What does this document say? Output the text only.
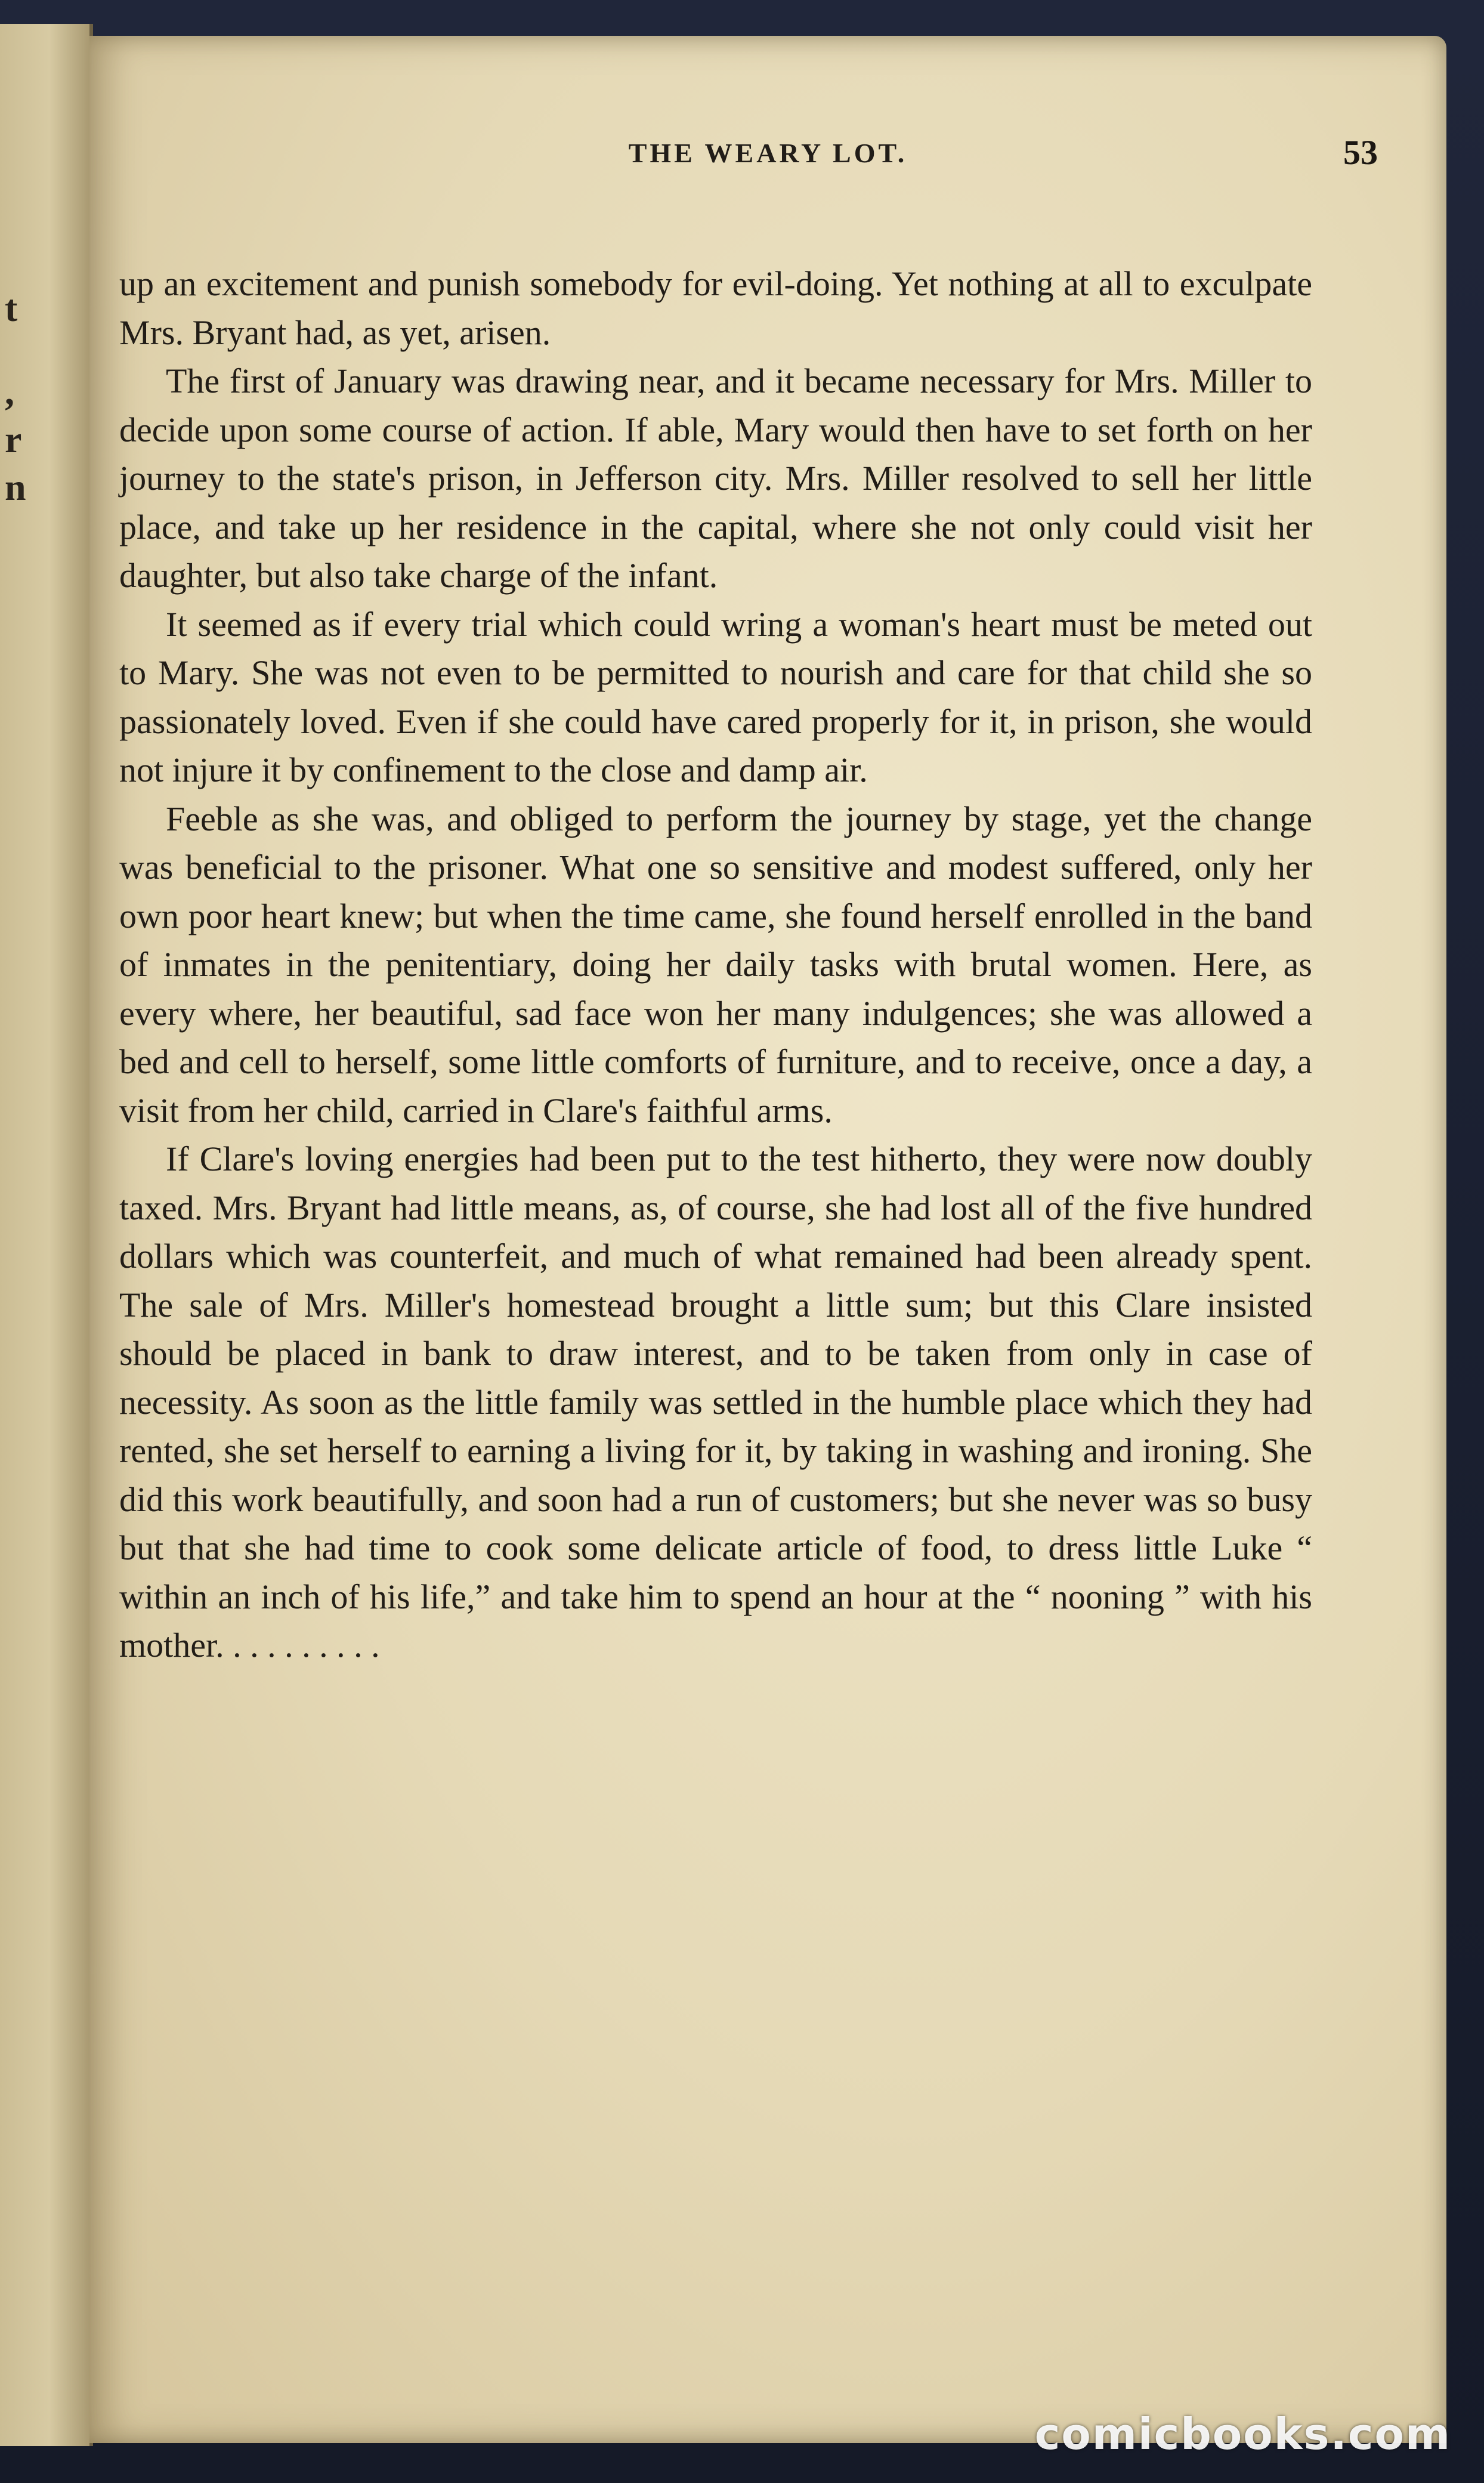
t
,
r
n
THE WEARY LOT.	53

up an excitement and punish somebody for evil-doing. Yet nothing at all to exculpate Mrs. Bryant had, as yet, arisen.

The first of January was drawing near, and it became necessary for Mrs. Miller to decide upon some course of action. If able, Mary would then have to set forth on her journey to the state's prison, in Jefferson city. Mrs. Miller resolved to sell her little place, and take up her residence in the capital, where she not only could visit her daughter, but also take charge of the infant.

It seemed as if every trial which could wring a woman's heart must be meted out to Mary. She was not even to be permitted to nourish and care for that child she so passionately loved. Even if she could have cared properly for it, in prison, she would not injure it by confinement to the close and damp air.

Feeble as she was, and obliged to perform the journey by stage, yet the change was beneficial to the prisoner. What one so sensitive and modest suffered, only her own poor heart knew; but when the time came, she found herself enrolled in the band of inmates in the penitentiary, doing her daily tasks with brutal women. Here, as every where, her beautiful, sad face won her many indulgences; she was allowed a bed and cell to herself, some little comforts of furniture, and to receive, once a day, a visit from her child, carried in Clare's faithful arms.

If Clare's loving energies had been put to the test hitherto, they were now doubly taxed. Mrs. Bryant had little means, as, of course, she had lost all of the five hundred dollars which was counterfeit, and much of what remained had been already spent. The sale of Mrs. Miller's homestead brought a little sum; but this Clare insisted should be placed in bank to draw interest, and to be taken from only in case of necessity. As soon as the little family was settled in the humble place which they had rented, she set herself to earning a living for it, by taking in washing and ironing. She did this work beautifully, and soon had a run of customers; but she never was so busy but that she had time to cook some delicate article of food, to dress little Luke “ within an inch of his life,” and take him to spend an hour at the “ nooning ” with his mother. . . . . . . . . .

comicbooks.com
